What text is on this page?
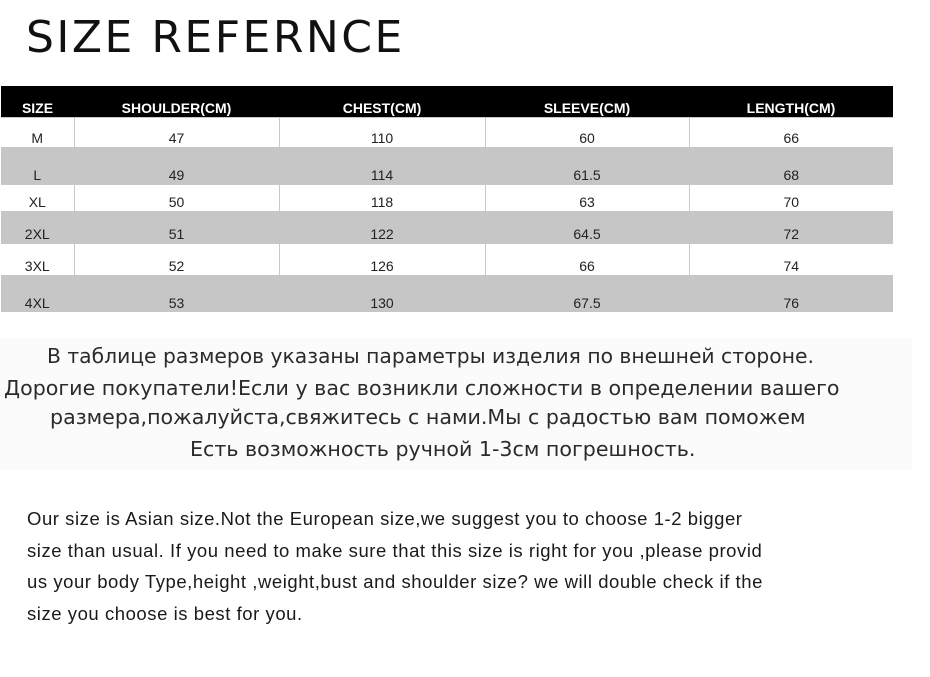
SIZE REFERNCE
SIZE	SHOULDER(CM)	CHEST(CM)	SLEEVE(CM)	LENGTH(CM)
M	47	110	60	66
L	49	114	61.5	68
XL	50	118	63	70
2XL	51	122	64.5	72
3XL	52	126	66	74
4XL	53	130	67.5	76
В таблице размеров указаны параметры изделия по внешней стороне.
Дорогие покупатели!Если у вас возникли сложности в определении вашего
размера,пожалуйста,свяжитесь с нами.Мы с радостью вам поможем
Есть возможность ручной 1-3см погрешность.

Our size is Asian size.Not the European size,we suggest you to choose 1-2 bigger
size than usual. If you need to make sure that this size is right for you ,please provid
us your body Type,height ,weight,bust and shoulder size? we will double check if the
size you choose is best for you.
